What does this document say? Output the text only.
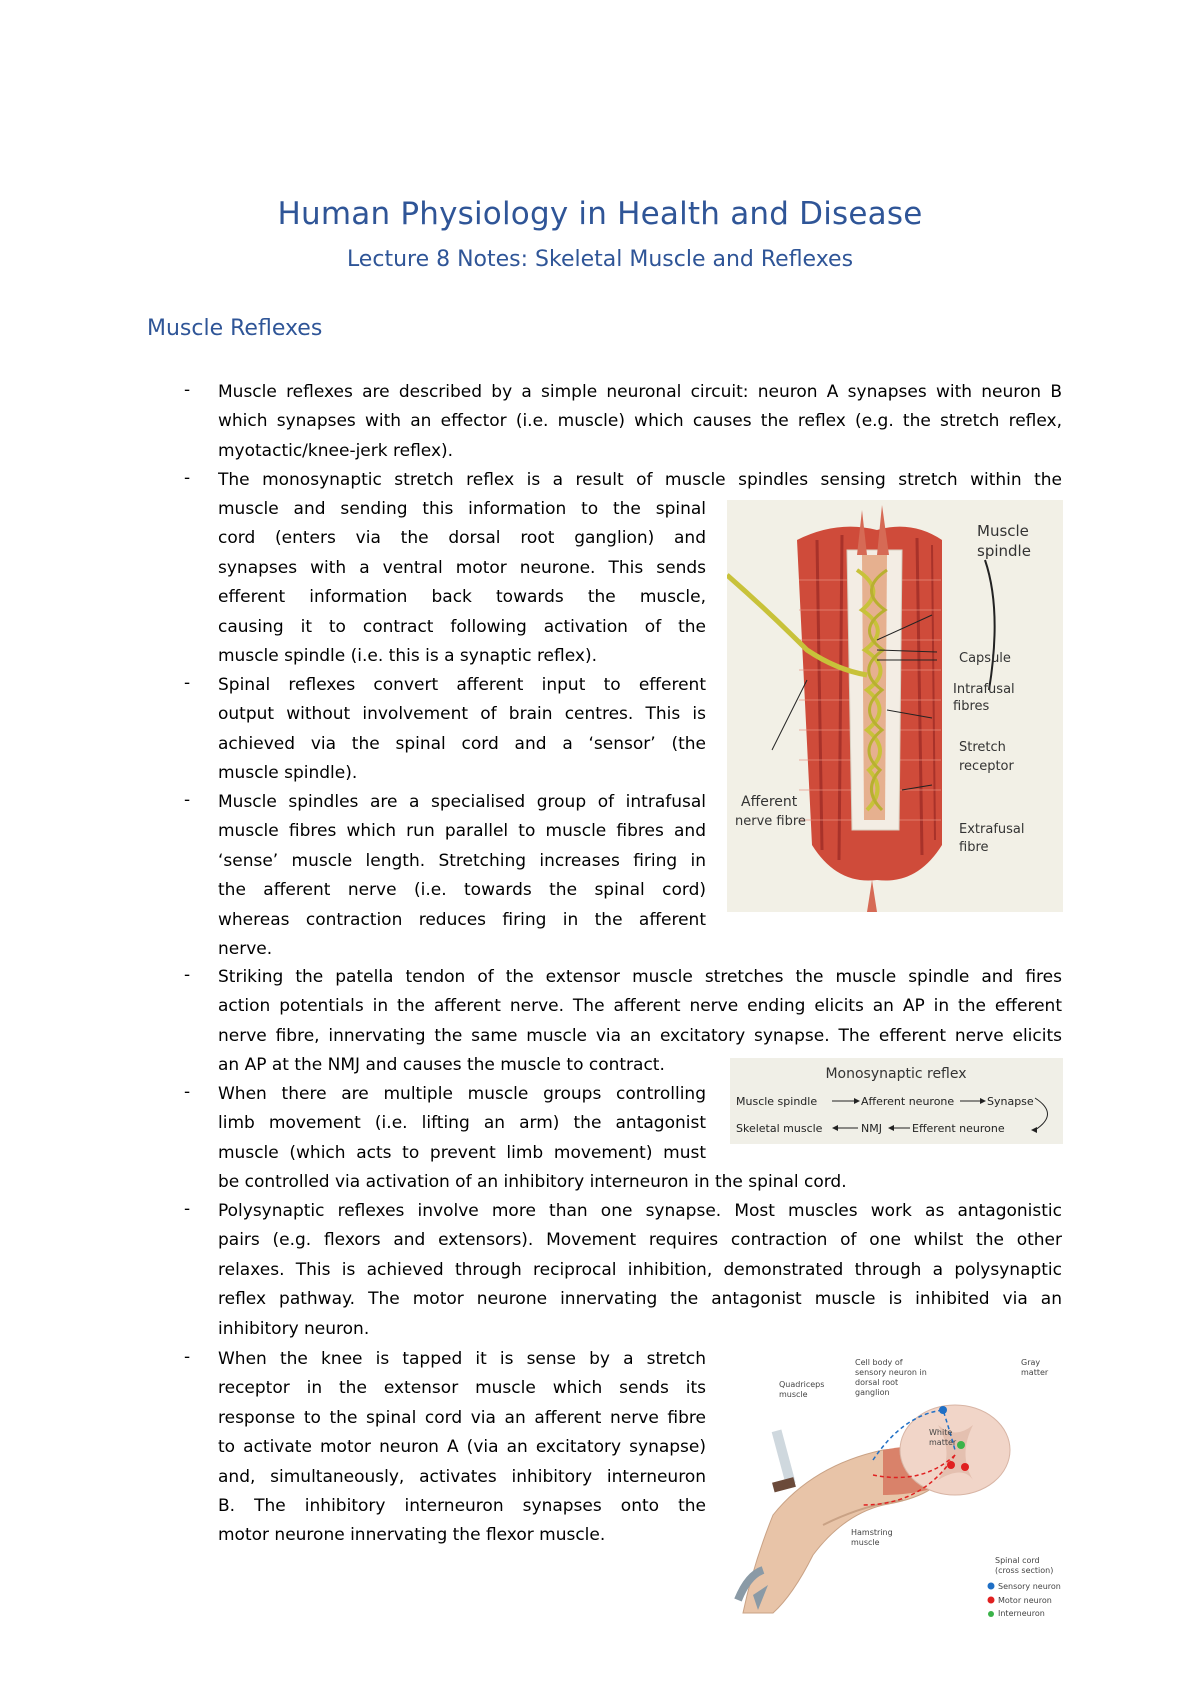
Human Physiology in Health and Disease
Lecture 8 Notes: Skeletal Muscle and Reflexes
Muscle Reflexes
- Muscle reflexes are described by a simple neuronal circuit: neuron A synapses with neuron B
which synapses with an effector (i.e. muscle) which causes the reflex (e.g. the stretch reflex,
myotactic/knee-jerk reflex).
- The monosynaptic stretch reflex is a result of muscle spindles sensing stretch within the
muscle and sending this information to the spinal
cord (enters via the dorsal root ganglion) and
synapses with a ventral motor neurone. This sends
efferent information back towards the muscle,
causing it to contract following activation of the
muscle spindle (i.e. this is a synaptic reflex).
- Spinal reflexes convert afferent input to efferent
output without involvement of brain centres. This is
achieved via the spinal cord and a ‘sensor’ (the
muscle spindle).
- Muscle spindles are a specialised group of intrafusal
muscle fibres which run parallel to muscle fibres and
‘sense’ muscle length. Stretching increases firing in
the afferent nerve (i.e. towards the spinal cord)
whereas contraction reduces firing in the afferent
nerve.
- Striking the patella tendon of the extensor muscle stretches the muscle spindle and fires
action potentials in the afferent nerve. The afferent nerve ending elicits an AP in the efferent
nerve fibre, innervating the same muscle via an excitatory synapse. The efferent nerve elicits
an AP at the NMJ and causes the muscle to contract.
- When there are multiple muscle groups controlling
limb movement (i.e. lifting an arm) the antagonist
muscle (which acts to prevent limb movement) must
be controlled via activation of an inhibitory interneuron in the spinal cord.
- Polysynaptic reflexes involve more than one synapse. Most muscles work as antagonistic
pairs (e.g. flexors and extensors). Movement requires contraction of one whilst the other
relaxes. This is achieved through reciprocal inhibition, demonstrated through a polysynaptic
reflex pathway. The motor neurone innervating the antagonist muscle is inhibited via an
inhibitory neuron.
- When the knee is tapped it is sense by a stretch
receptor in the extensor muscle which sends its
response to the spinal cord via an afferent nerve fibre
to activate motor neuron A (via an excitatory synapse)
and, simultaneously, activates inhibitory interneuron
B. The inhibitory interneuron synapses onto the
motor neurone innervating the flexor muscle.
Muscle
spindle
Capsule
Intrafusal
fibres
Stretch
receptor
Afferent
nerve fibre
Extrafusal
fibre
Monosynaptic reflex
Muscle spindle
Skeletal muscle
Afferent neurone	Synapse
NMJ	Efferent neurone
Quadriceps
muscle
Cell body of
sensory neuron in
dorsal root
ganglion
Gray
matter
White
matter
Hamstring
muscle
Spinal cord
(cross section)
Sensory neuron
Motor neuron
Interneuron
